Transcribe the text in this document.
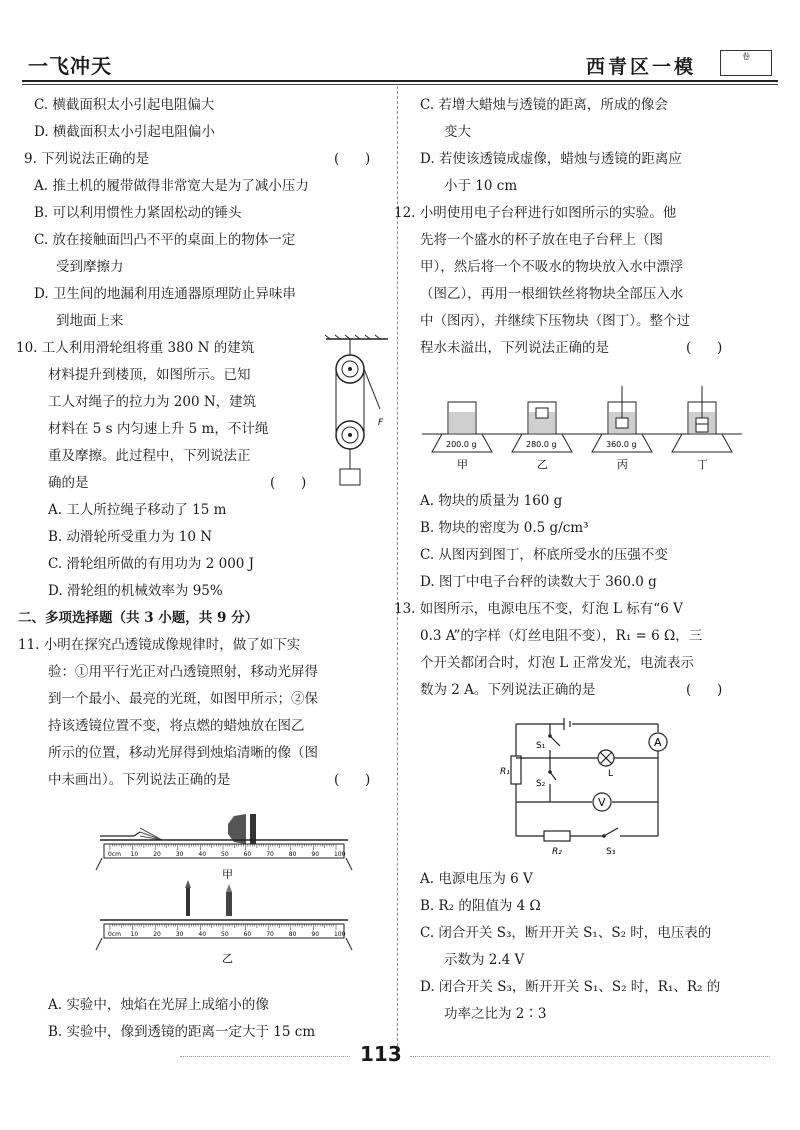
一飞冲天	西青区一模	卷
C. 横截面积太小引起电阻偏大
D. 横截面积太小引起电阻偏小
9. 下列说法正确的是	(      )
A. 推土机的履带做得非常宽大是为了减小压力
B. 可以利用惯性力紧固松动的锤头
C. 放在接触面凹凸不平的桌面上的物体一定
受到摩擦力
D. 卫生间的地漏利用连通器原理防止异味串
到地面上来
10. 工人利用滑轮组将重 380 N 的建筑
材料提升到楼顶，如图所示。已知
工人对绳子的拉力为 200 N，建筑
材料在 5 s 内匀速上升 5 m，不计绳
重及摩擦。此过程中，下列说法正
确的是	(      )
A. 工人所拉绳子移动了 15 m
B. 动滑轮所受重力为 10 N
C. 滑轮组所做的有用功为 2 000 J
D. 滑轮组的机械效率为 95%
二、多项选择题（共 3 小题，共 9 分）
11. 小明在探究凸透镜成像规律时，做了如下实
验：①用平行光正对凸透镜照射，移动光屏得
到一个最小、最亮的光斑，如图甲所示；②保
持该透镜位置不变，将点燃的蜡烛放在图乙
所示的位置，移动光屏得到烛焰清晰的像（图
中未画出）。下列说法正确的是	(      )
A. 实验中，烛焰在光屏上成缩小的像
B. 实验中，像到透镜的距离一定大于 15 cm
C. 若增大蜡烛与透镜的距离，所成的像会
变大
D. 若使该透镜成虚像，蜡烛与透镜的距离应
小于 10 cm
12. 小明使用电子台秤进行如图所示的实验。他
先将一个盛水的杯子放在电子台秤上（图
甲），然后将一个不吸水的物块放入水中漂浮
（图乙），再用一根细铁丝将物块全部压入水
中（图丙），并继续下压物块（图丁）。整个过
程水未溢出，下列说法正确的是	(      )
A. 物块的质量为 160 g
B. 物块的密度为 0.5 g/cm³
C. 从图丙到图丁，杯底所受水的压强不变
D. 图丁中电子台秤的读数大于 360.0 g
13. 如图所示，电源电压不变，灯泡 L 标有“6 V
0.3 A”的字样（灯丝电阻不变），R₁ = 6 Ω，三
个开关都闭合时，灯泡 L 正常发光，电流表示
数为 2 A。下列说法正确的是	(      )
A. 电源电压为 6 V
B. R₂ 的阻值为 4 Ω
C. 闭合开关 S₃，断开开关 S₁、S₂ 时，电压表的
示数为 2.4 V
D. 闭合开关 S₃，断开开关 S₁、S₂ 时，R₁、R₂ 的
功率之比为 2∶3
F
0cm 10 20 30 40 50 60 70 80 90 100
甲
0cm 10 20 30 40 50 60 70 80 90 100
乙
200.0 g
甲
280.0 g
乙
360.0 g
丙	丁
A
V
L
R₁
S₁
S₂
R₂	S₃
113
